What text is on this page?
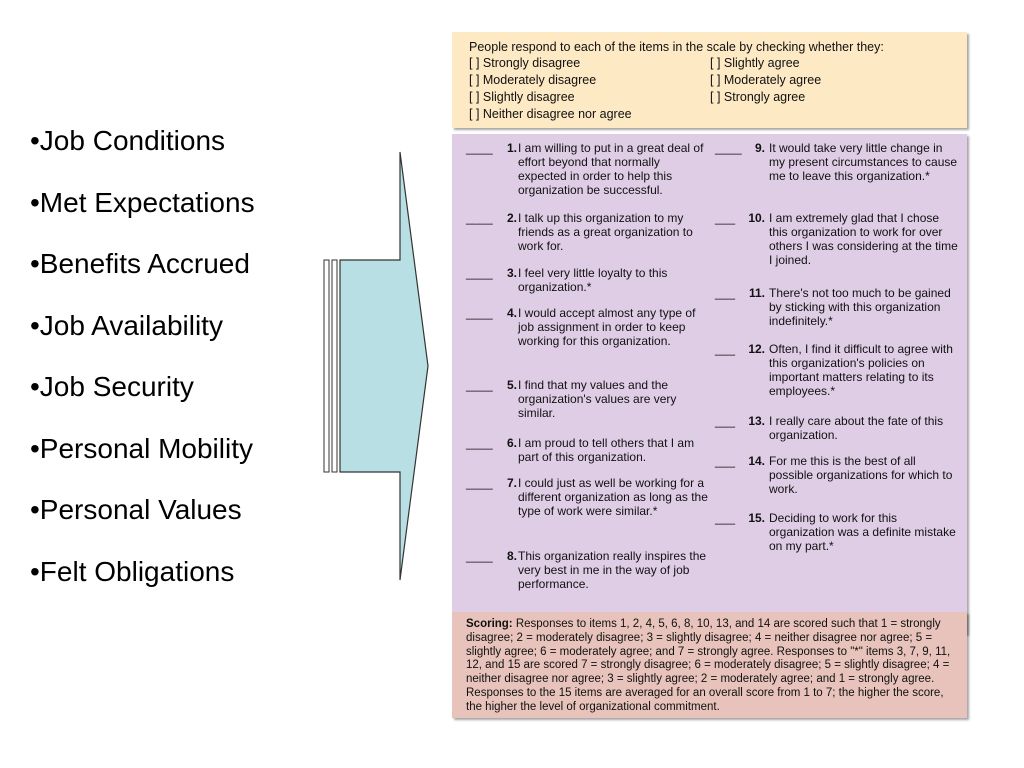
•Job Conditions
•Met Expectations
•Benefits Accrued
•Job Availability
•Job Security
•Personal Mobility
•Personal Values
•Felt Obligations
People respond to each of the items in the scale by checking whether they:
[ ] Strongly disagree
[ ] Moderately disagree
[ ] Slightly disagree
[ ] Neither disagree nor agree
[ ] Slightly agree
[ ] Moderately agree
[ ] Strongly agree
____	1. I am willing to put in a great deal of effort beyond that normally expected in order to help this organization be successful.
____	2. I talk up this organization to my friends as a great organization to work for.
____	3. I feel very little loyalty to this organization.*
____	4. I would accept almost any type of job assignment in order to keep working for this organization.
____	5. I find that my values and the organization's values are very similar.
____	6. I am proud to tell others that I am part of this organization.
____	7. I could just as well be working for a different organization as long as the type of work were similar.*
____	8. This organization really inspires the very best in me in the way of job performance.
____	9. It would take very little change in my present circumstances to cause me to leave this organization.*
___	10. I am extremely glad that I chose this organization to work for over others I was considering at the time I joined.
___	11. There's not too much to be gained by sticking with this organization indefinitely.*
___	12. Often, I find it difficult to agree with this organization's policies on important matters relating to its employees.*
___	13. I really care about the fate of this organization.
___	14. For me this is the best of all possible organizations for which to work.
___	15. Deciding to work for this organization was a definite mistake on my part.*
Scoring: Responses to items 1, 2, 4, 5, 6, 8, 10, 13, and 14 are scored such that 1 = strongly disagree; 2 = moderately disagree; 3 = slightly disagree; 4 = neither disagree nor agree; 5 = slightly agree; 6 = moderately agree; and 7 = strongly agree. Responses to "*" items 3, 7, 9, 11, 12, and 15 are scored 7 = strongly disagree; 6 = moderately disagree; 5 = slightly disagree; 4 = neither disagree nor agree; 3 = slightly agree; 2 = moderately agree; and 1 = strongly agree. Responses to the 15 items are averaged for an overall score from 1 to 7; the higher the score, the higher the level of organizational commitment.
